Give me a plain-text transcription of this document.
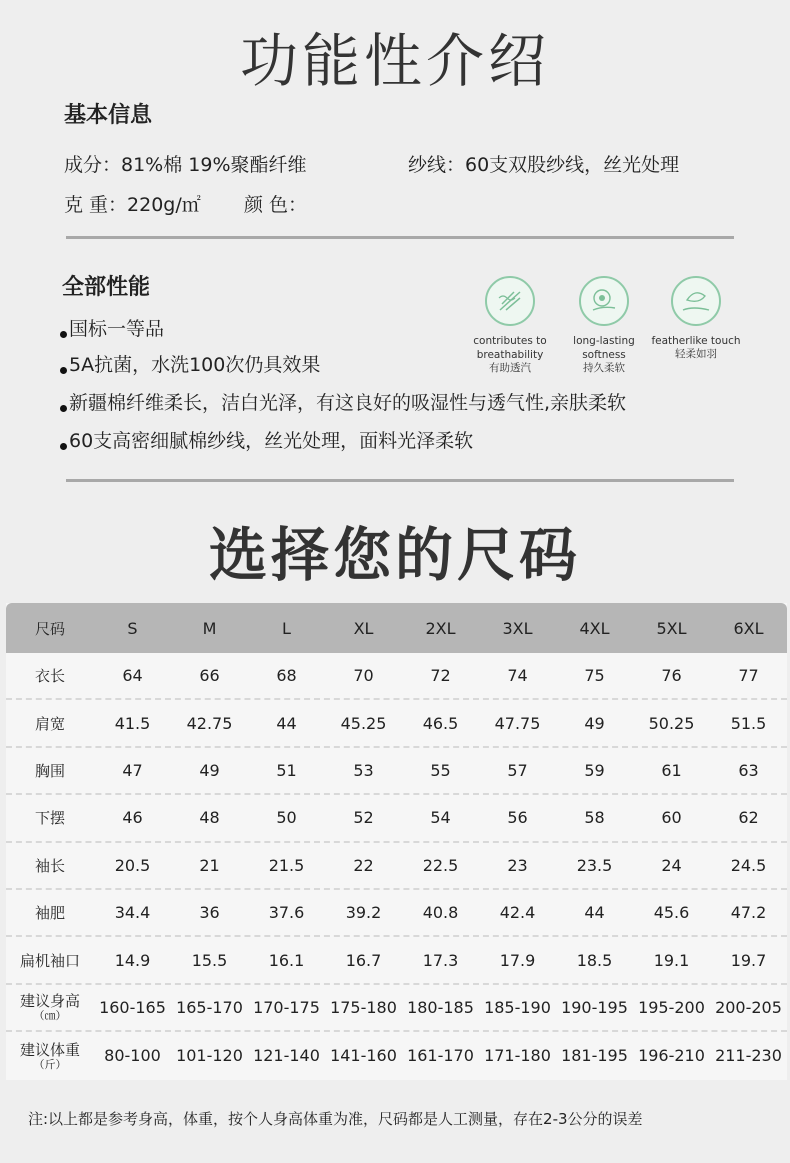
功能性介绍
基本信息
成分：81%棉 19%聚酯纤维	纱线：60支双股纱线，丝光处理
克 重：220g/㎡ 颜 色：
全部性能
国标一等品
5A抗菌，水洗100次仍具效果
新疆棉纤维柔长，洁白光泽，有这良好的吸湿性与透气性,亲肤柔软
60支高密细腻棉纱线，丝光处理，面料光泽柔软
contributes to breathability
有助透汽
long-lasting softness
持久柔软
featherlike touch
轻柔如羽
选择您的尺码
尺码	S	M	L	XL	2XL	3XL	4XL	5XL	6XL
衣长	64	66	68	70	72	74	75	76	77
肩宽	41.5	42.75	44	45.25	46.5	47.75	49	50.25	51.5
胸围	47	49	51	53	55	57	59	61	63
下摆	46	48	50	52	54	56	58	60	62
袖长	20.5	21	21.5	22	22.5	23	23.5	24	24.5
袖肥	34.4	36	37.6	39.2	40.8	42.4	44	45.6	47.2
扁机袖口	14.9	15.5	16.1	16.7	17.3	17.9	18.5	19.1	19.7
建议身高
（㎝）	160-165 165-170 170-175 175-180 180-185 185-190 190-195 195-200 200-205
建议体重
（斤）	80-100 101-120 121-140 141-160 161-170 171-180 181-195 196-210 211-230
注:以上都是参考身高，体重，按个人身高体重为准，尺码都是人工测量，存在2-3公分的误差
